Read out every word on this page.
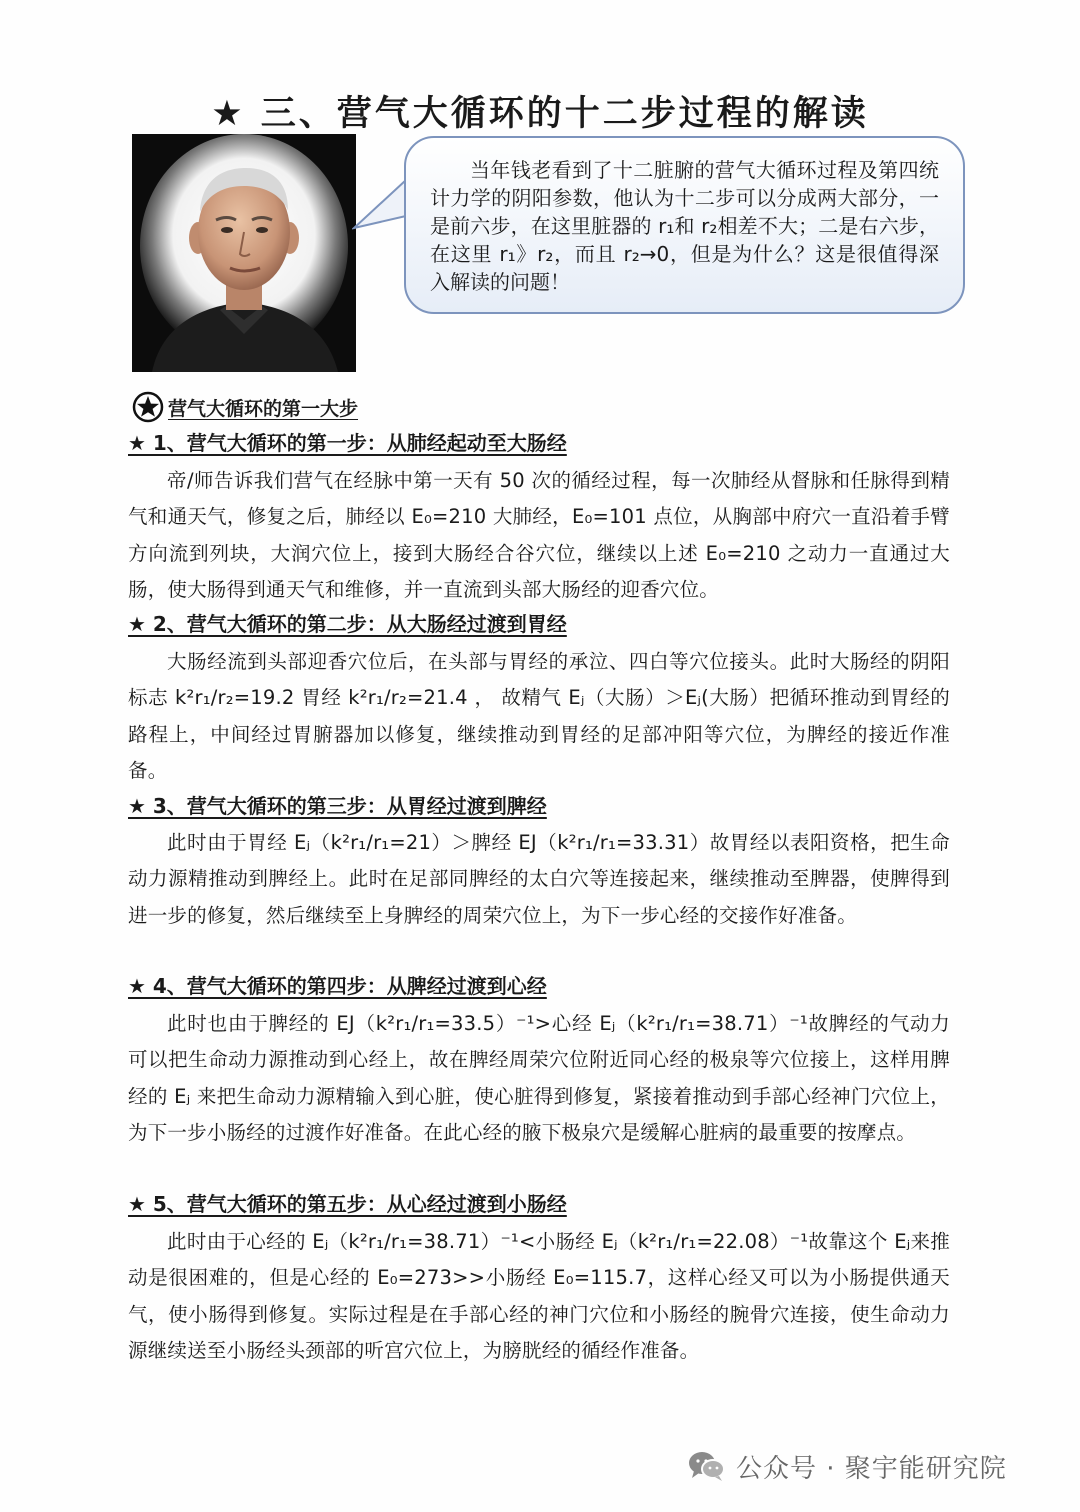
★ 三、营气大循环的十二步过程的解读

当年钱老看到了十二脏腑的营气大循环过程及第四统计力学的阴阳参数，他认为十二步可以分成两大部分，一是前六步，在这里脏器的 r₁和 r₂相差不大；二是右六步，在这里 r₁》r₂，而且 r₂→0，但是为什么？这是很值得深入解读的问题！

营气大循环的第一大步
★ 1、营气大循环的第一步：从肺经起动至大肠经

帝/师告诉我们营气在经脉中第一天有 50 次的循经过程，每一次肺经从督脉和任脉得到精气和通天气，修复之后，肺经以 E₀=210 大肺经，E₀=101 点位，从胸部中府穴一直沿着手臂方向流到列块，大润穴位上，接到大肠经合谷穴位，继续以上述 E₀=210 之动力一直通过大肠，使大肠得到通天气和维修，并一直流到头部大肠经的迎香穴位。

★ 2、营气大循环的第二步：从大肠经过渡到胃经

大肠经流到头部迎香穴位后，在头部与胃经的承泣、四白等穴位接头。此时大肠经的阴阳标志 k²r₁/r₂=19.2 胃经 k²r₁/r₂=21.4 ， 故精气 Eⱼ（大肠）＞Eⱼ(大肠）把循环推动到胃经的路程上，中间经过胃腑器加以修复，继续推动到胃经的足部冲阳等穴位，为脾经的接近作准备。

★ 3、营气大循环的第三步：从胃经过渡到脾经

此时由于胃经 Eⱼ（k²r₁/r₁=21）＞脾经 EJ（k²r₁/r₁=33.31）故胃经以表阳资格，把生命动力源精推动到脾经上。此时在足部同脾经的太白穴等连接起来，继续推动至脾器，使脾得到进一步的修复，然后继续至上身脾经的周荣穴位上，为下一步心经的交接作好准备。

★ 4、营气大循环的第四步：从脾经过渡到心经

此时也由于脾经的 EJ（k²r₁/r₁=33.5）⁻¹>心经 Eⱼ（k²r₁/r₁=38.71）⁻¹故脾经的气动力可以把生命动力源推动到心经上，故在脾经周荣穴位附近同心经的极泉等穴位接上，这样用脾经的 Eⱼ 来把生命动力源精输入到心脏，使心脏得到修复，紧接着推动到手部心经神门穴位上，为下一步小肠经的过渡作好准备。在此心经的腋下极泉穴是缓解心脏病的最重要的按摩点。

★ 5、营气大循环的第五步：从心经过渡到小肠经

此时由于心经的 Eⱼ（k²r₁/r₁=38.71）⁻¹<小肠经 Eⱼ（k²r₁/r₁=22.08）⁻¹故靠这个 Eⱼ来推动是很困难的，但是心经的 E₀=273>>小肠经 E₀=115.7，这样心经又可以为小肠提供通天气，使小肠得到修复。实际过程是在手部心经的神门穴位和小肠经的腕骨穴连接，使生命动力源继续送至小肠经头颈部的听宫穴位上，为膀胱经的循经作准备。

公众号 · 聚宇能研究院
